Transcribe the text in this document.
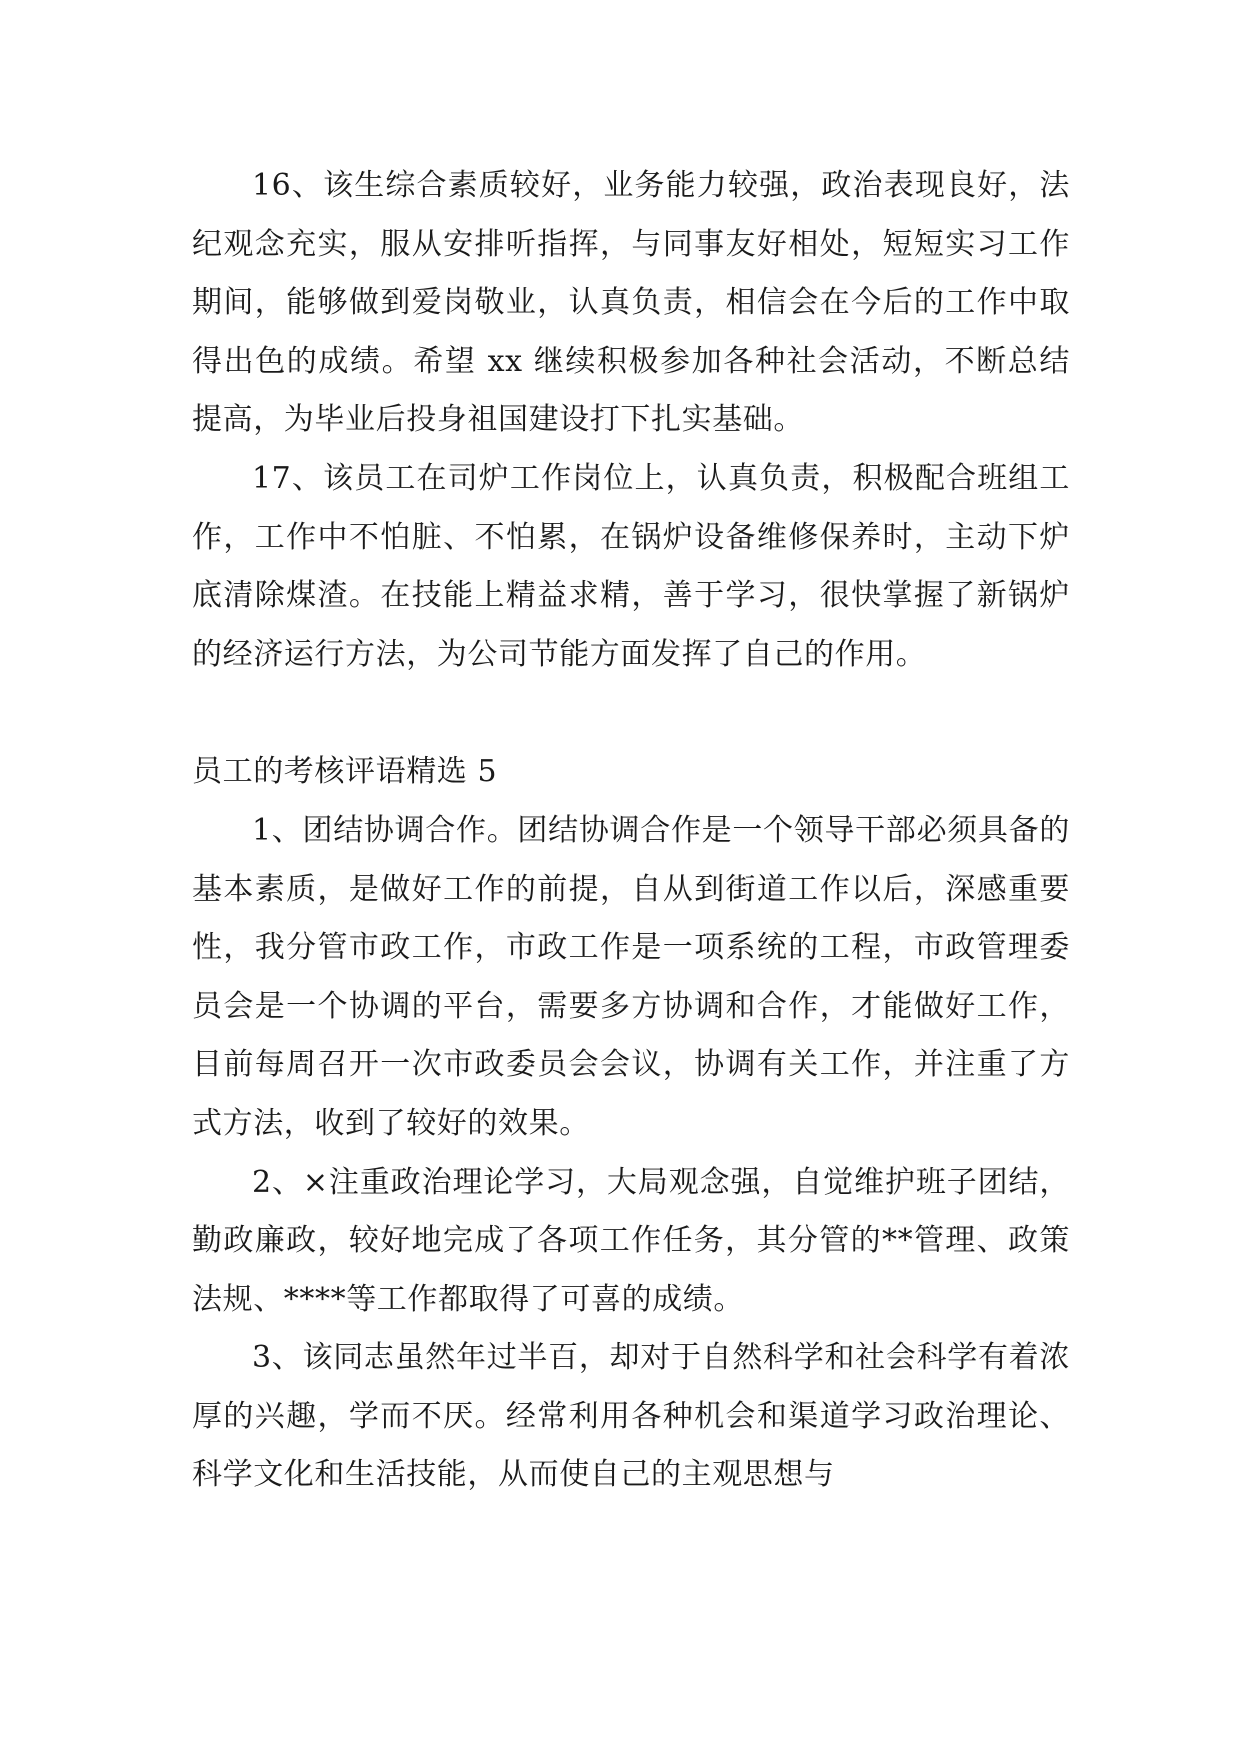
16、该生综合素质较好，业务能力较强，政治表现良好，法纪观念充实，服从安排听指挥，与同事友好相处，短短实习工作期间，能够做到爱岗敬业，认真负责，相信会在今后的工作中取得出色的成绩。希望 xx 继续积极参加各种社会活动，不断总结提高，为毕业后投身祖国建设打下扎实基础。

17、该员工在司炉工作岗位上，认真负责，积极配合班组工作，工作中不怕脏、不怕累，在锅炉设备维修保养时，主动下炉底清除煤渣。在技能上精益求精，善于学习，很快掌握了新锅炉的经济运行方法，为公司节能方面发挥了自己的作用。

员工的考核评语精选 5

1、团结协调合作。团结协调合作是一个领导干部必须具备的基本素质，是做好工作的前提，自从到街道工作以后，深感重要性，我分管市政工作，市政工作是一项系统的工程，市政管理委员会是一个协调的平台，需要多方协调和合作，才能做好工作，目前每周召开一次市政委员会会议，协调有关工作，并注重了方式方法，收到了较好的效果。

2、×注重政治理论学习，大局观念强，自觉维护班子团结，勤政廉政，较好地完成了各项工作任务，其分管的**管理、政策法规、****等工作都取得了可喜的成绩。

3、该同志虽然年过半百，却对于自然科学和社会科学有着浓厚的兴趣，学而不厌。经常利用各种机会和渠道学习政治理论、科学文化和生活技能，从而使自己的主观思想与
